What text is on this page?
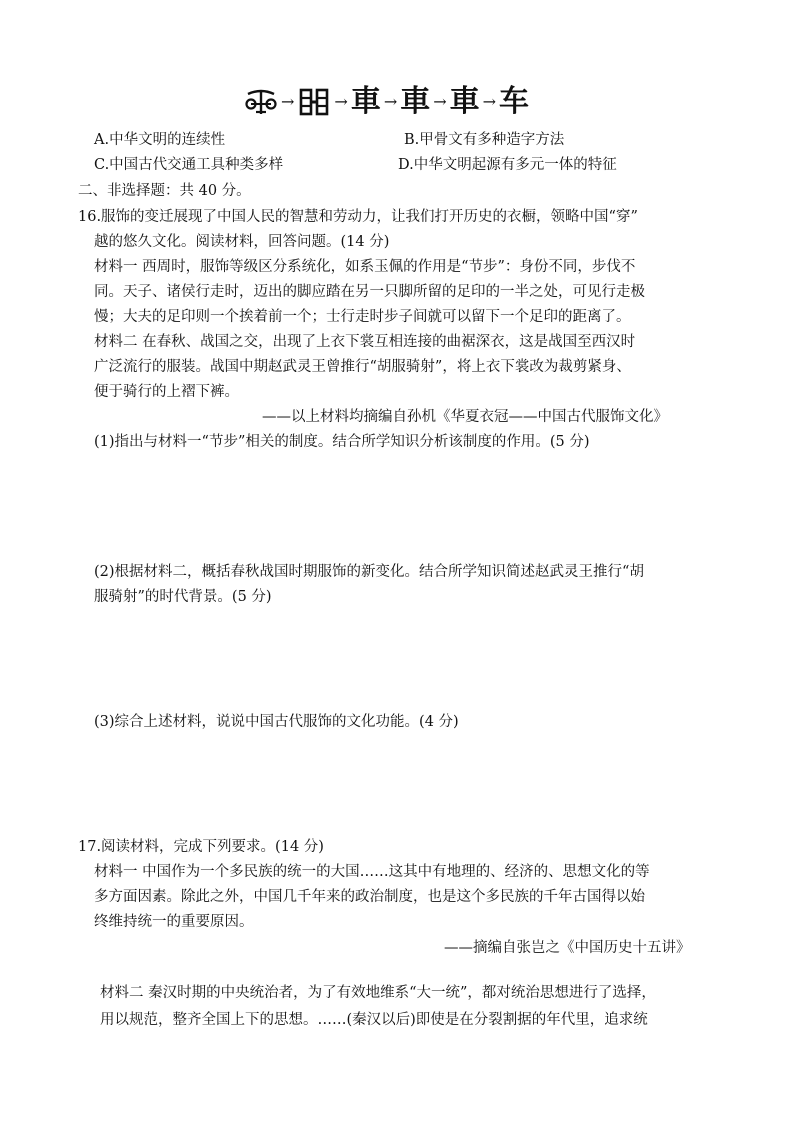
→	→ 車 → 車 → 車 → 车
A.中华文明的连续性	B.甲骨文有多种造字方法
C.中国古代交通工具种类多样	D.中华文明起源有多元一体的特征
二、非选择题：共 40 分。
16.服饰的变迁展现了中国人民的智慧和劳动力，让我们打开历史的衣橱，领略中国“穿”
越的悠久文化。阅读材料，回答问题。(14 分)
材料一 西周时，服饰等级区分系统化，如系玉佩的作用是“节步”：身份不同，步伐不
同。天子、诸侯行走时，迈出的脚应踏在另一只脚所留的足印的一半之处，可见行走极
慢；大夫的足印则一个挨着前一个；士行走时步子间就可以留下一个足印的距离了。
材料二 在春秋、战国之交，出现了上衣下裳互相连接的曲裾深衣，这是战国至西汉时
广泛流行的服装。战国中期赵武灵王曾推行“胡服骑射”，将上衣下裳改为裁剪紧身、
便于骑行的上褶下裤。
——以上材料均摘编自孙机《华夏衣冠——中国古代服饰文化》
(1)指出与材料一“节步”相关的制度。结合所学知识分析该制度的作用。(5 分)
(2)根据材料二，概括春秋战国时期服饰的新变化。结合所学知识简述赵武灵王推行“胡
服骑射”的时代背景。(5 分)
(3)综合上述材料，说说中国古代服饰的文化功能。(4 分)
17.阅读材料，完成下列要求。(14 分)
材料一 中国作为一个多民族的统一的大国……这其中有地理的、经济的、思想文化的等
多方面因素。除此之外，中国几千年来的政治制度，也是这个多民族的千年古国得以始
终维持统一的重要原因。
——摘编自张岂之《中国历史十五讲》
材料二 秦汉时期的中央统治者，为了有效地维系“大一统”，都对统治思想进行了选择，
用以规范，整齐全国上下的思想。……(秦汉以后)即使是在分裂割据的年代里，追求统
